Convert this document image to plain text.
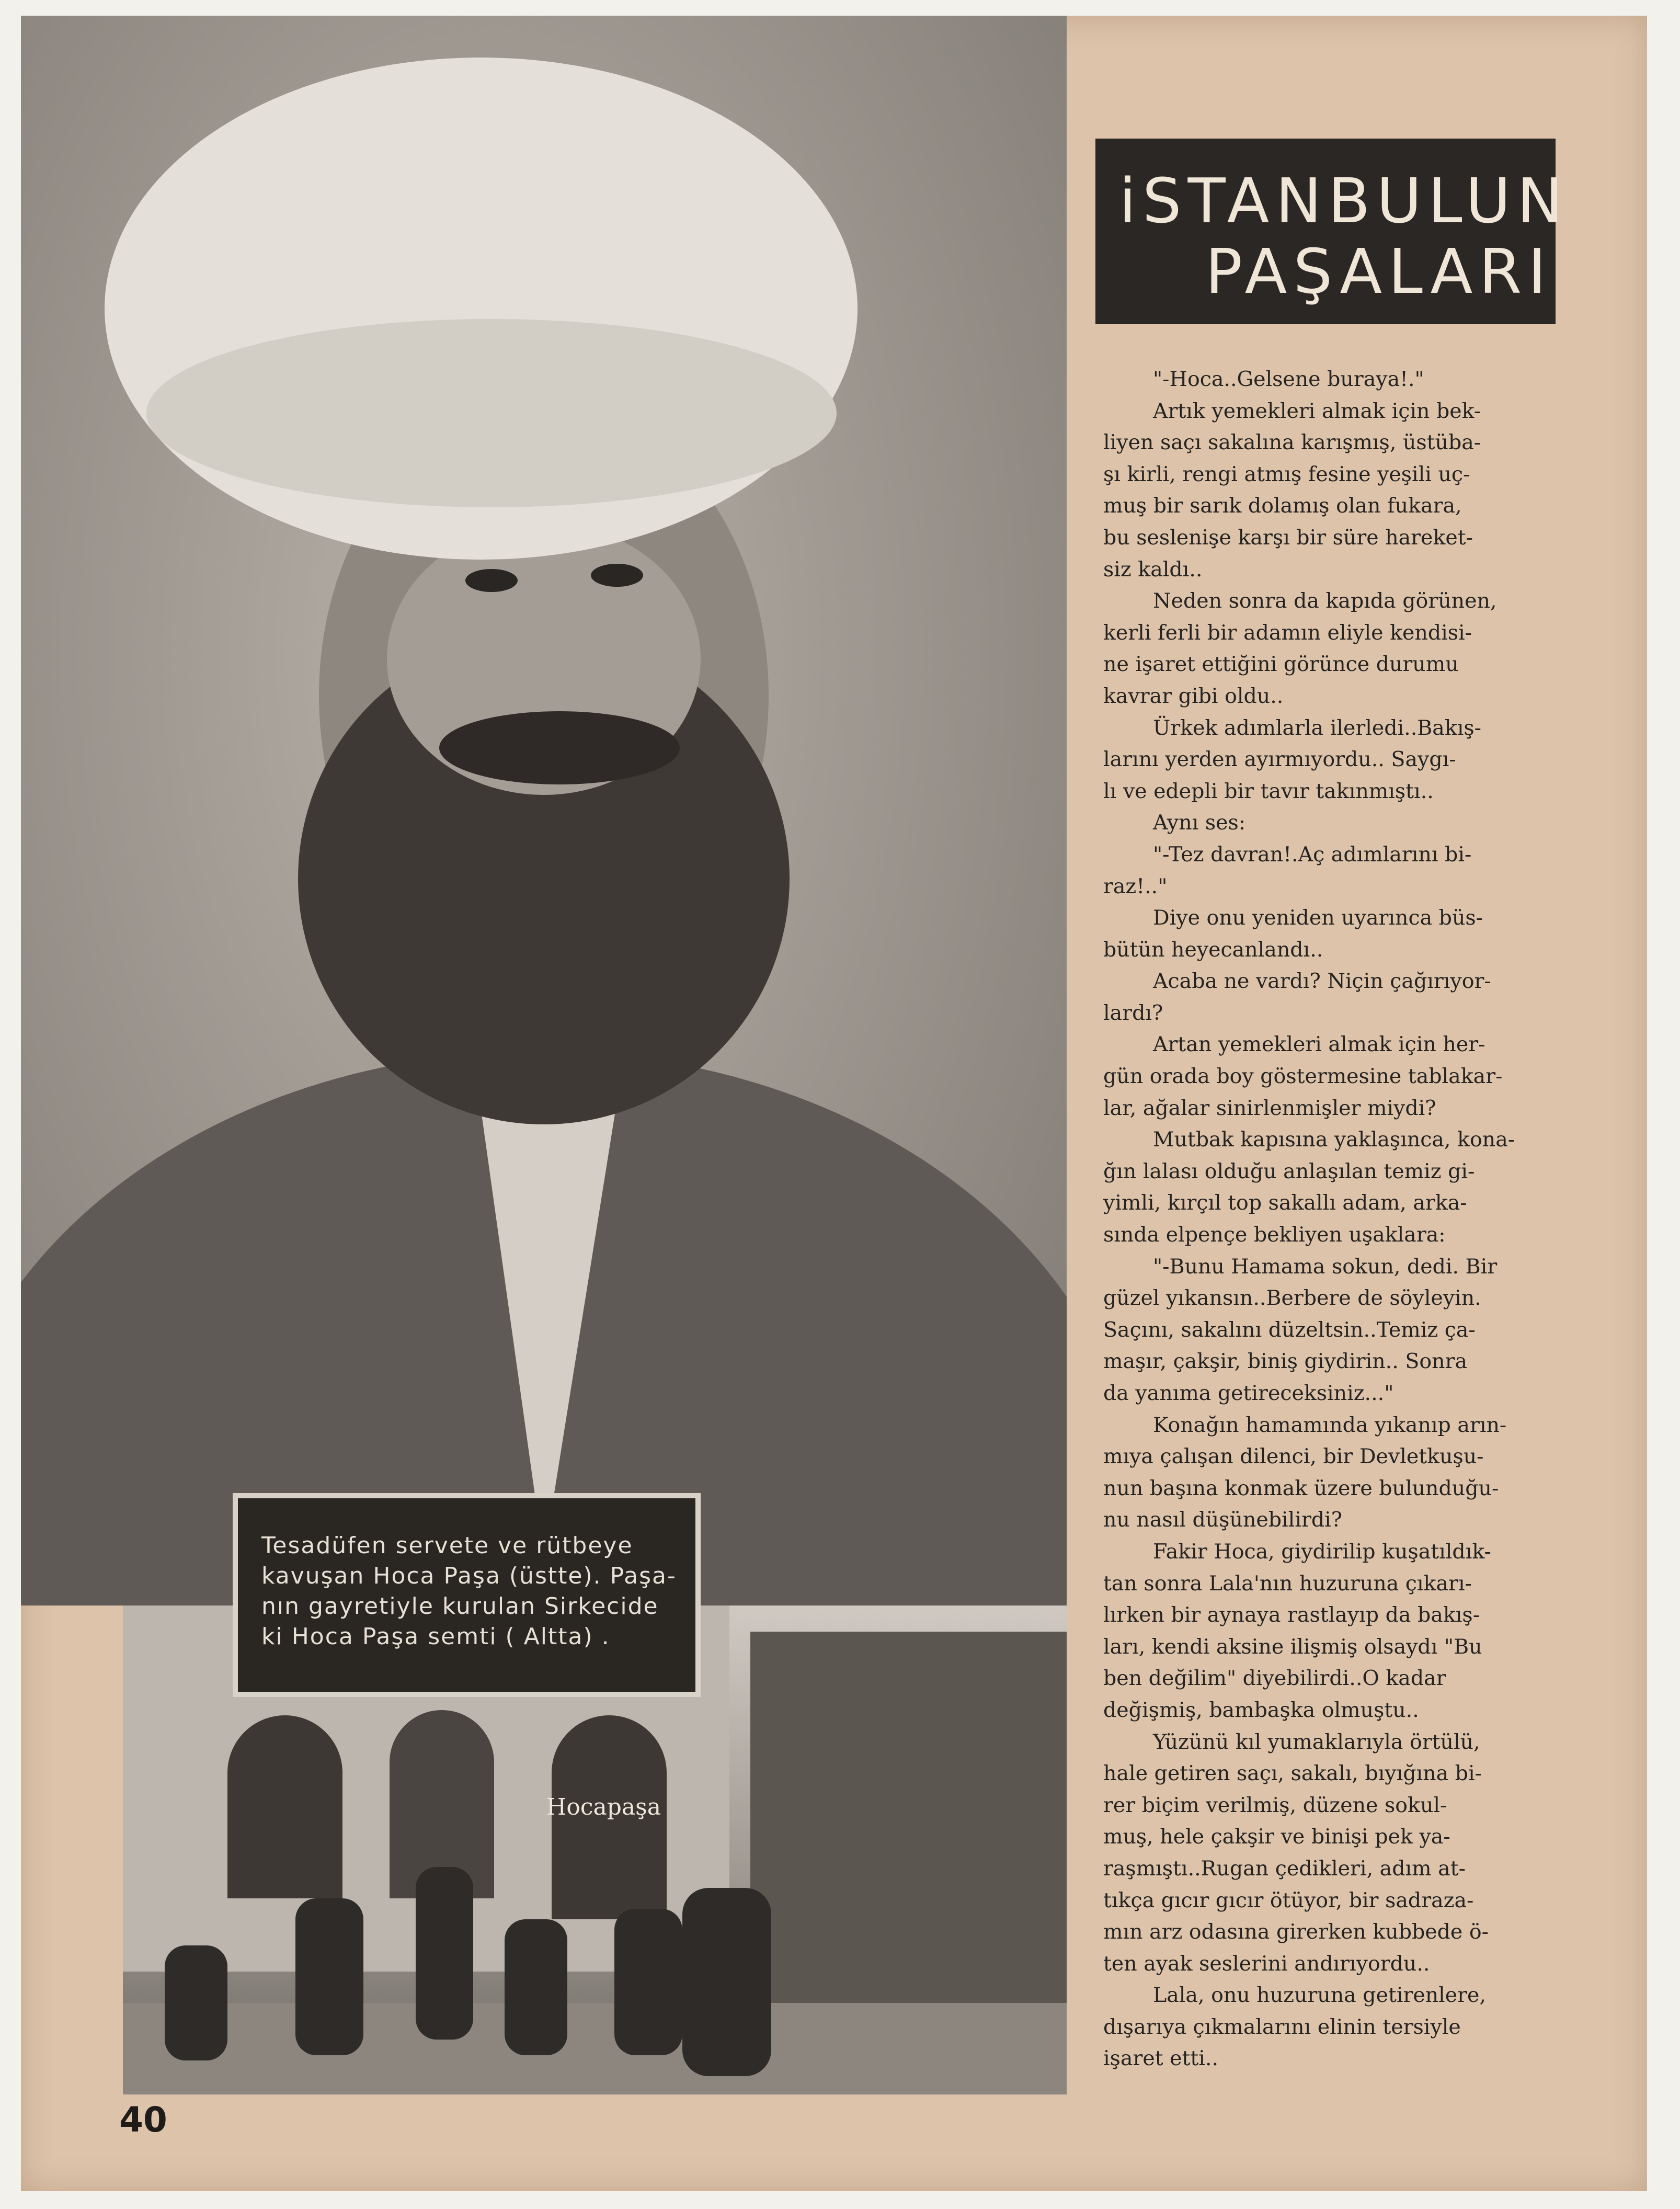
Hocapaşa
iSTANBULUN
PAŞALARI
Tesadüfen servete ve rütbeye
kavuşan Hoca Paşa (üstte). Paşa-
nın gayretiyle kurulan Sirkecide
ki Hoca Paşa semti ( Altta) .
"-Hoca..Gelsene buraya!."
Artık yemekleri almak için bek-
liyen saçı sakalına karışmış, üstüba-
şı kirli, rengi atmış fesine yeşili uç-
muş bir sarık dolamış olan fukara,
bu seslenişe karşı bir süre hareket-
siz kaldı..
Neden sonra da kapıda görünen,
kerli ferli bir adamın eliyle kendisi-
ne işaret ettiğini görünce durumu
kavrar gibi oldu..
Ürkek adımlarla ilerledi..Bakış-
larını yerden ayırmıyordu.. Saygı-
lı ve edepli bir tavır takınmıştı..
Aynı ses:
"-Tez davran!.Aç adımlarını bi-
raz!.."
Diye onu yeniden uyarınca büs-
bütün heyecanlandı..
Acaba ne vardı? Niçin çağırıyor-
lardı?
Artan yemekleri almak için her-
gün orada boy göstermesine tablakar-
lar, ağalar sinirlenmişler miydi?
Mutbak kapısına yaklaşınca, kona-
ğın lalası olduğu anlaşılan temiz gi-
yimli, kırçıl top sakallı adam, arka-
sında elpençe bekliyen uşaklara:
"-Bunu Hamama sokun, dedi. Bir
güzel yıkansın..Berbere de söyleyin.
Saçını, sakalını düzeltsin..Temiz ça-
maşır, çakşir, biniş giydirin.. Sonra
da yanıma getireceksiniz..."
Konağın hamamında yıkanıp arın-
mıya çalışan dilenci, bir Devletkuşu-
nun başına konmak üzere bulunduğu-
nu nasıl düşünebilirdi?
Fakir Hoca, giydirilip kuşatıldık-
tan sonra Lala'nın huzuruna çıkarı-
lırken bir aynaya rastlayıp da bakış-
ları, kendi aksine ilişmiş olsaydı "Bu
ben değilim" diyebilirdi..O kadar
değişmiş, bambaşka olmuştu..
Yüzünü kıl yumaklarıyla örtülü,
hale getiren saçı, sakalı, bıyığına bi-
rer biçim verilmiş, düzene sokul-
muş, hele çakşir ve binişi pek ya-
raşmıştı..Rugan çedikleri, adım at-
tıkça gıcır gıcır ötüyor, bir sadraza-
mın arz odasına girerken kubbede ö-
ten ayak seslerini andırıyordu..
Lala, onu huzuruna getirenlere,
dışarıya çıkmalarını elinin tersiyle
işaret etti..
40
